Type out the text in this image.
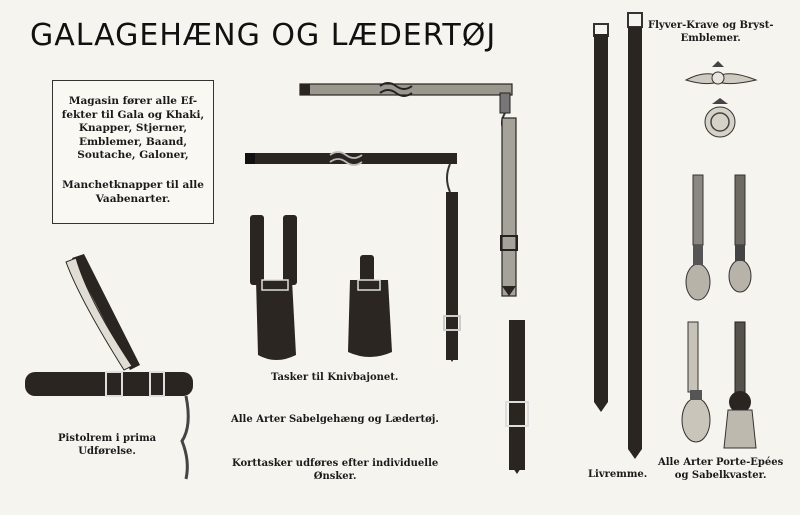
GALAGEHÆNG OG LÆDERTØJ

Magasin fører alle Ef-
fekter til Gala og Khaki,
Knapper, Stjerner,
Emblemer, Baand,
Soutache, Galoner,

Manchetknapper til alle
Vaabenarter.

Flyver-Krave og Bryst-
Emblemer.
Tasker til Knivbajonet.
Pistolrem i prima
Udførelse.
Alle Arter Sabelgehæng og Lædertøj.
Korttasker udføres efter individuelle
Ønsker.	Livremme.
Alle Arter Porte-Epées
og Sabelkvaster.
